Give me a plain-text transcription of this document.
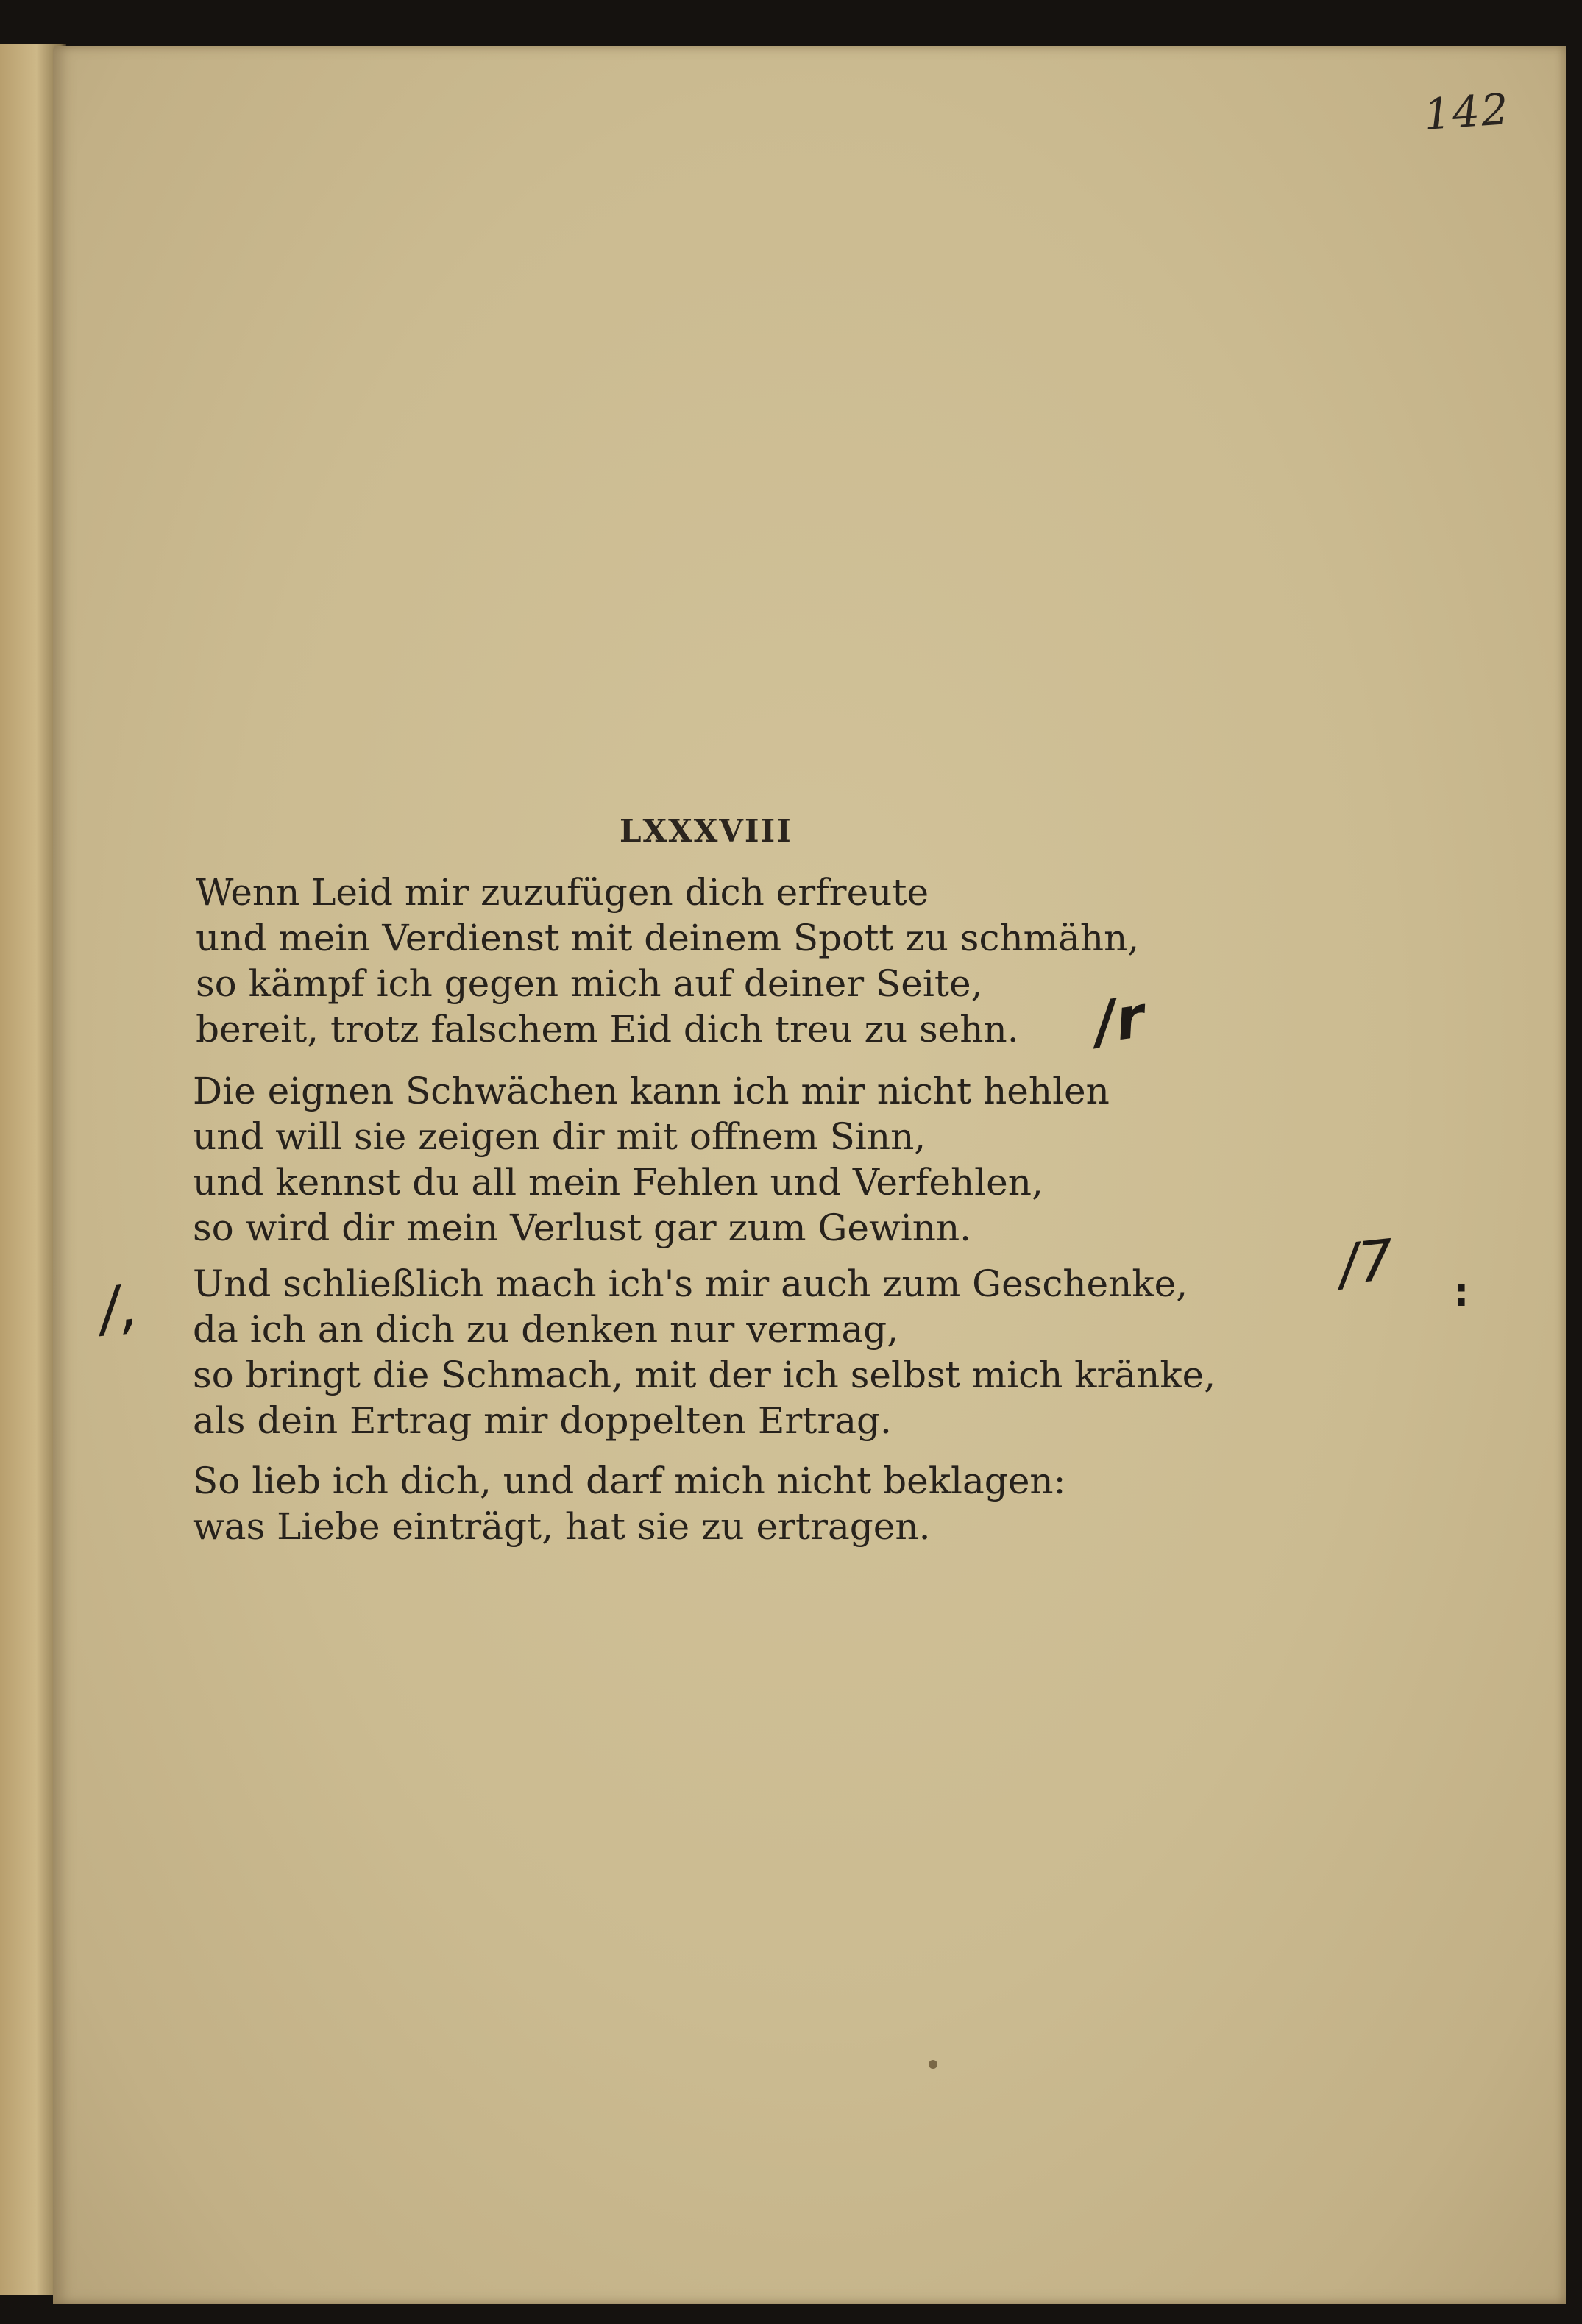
142
LXXXVIII
Wenn Leid mir zuzufügen dich erfreute
und mein Verdienst mit deinem Spott zu schmähn,
so kämpf ich gegen mich auf deiner Seite,
bereit, trotz falschem Eid dich treu zu sehn.
Die eignen Schwächen kann ich mir nicht hehlen
und will sie zeigen dir mit offnem Sinn,
und kennst du all mein Fehlen und Verfehlen,
so wird dir mein Verlust gar zum Gewinn.
Und schließlich mach ich's mir auch zum Geschenke,
da ich an dich zu denken nur vermag,
so bringt die Schmach, mit der ich selbst mich kränke,
als dein Ertrag mir doppelten Ertrag.
So lieb ich dich, und darf mich nicht beklagen:
was Liebe einträgt, hat sie zu ertragen.
/r
/7 :
/,
